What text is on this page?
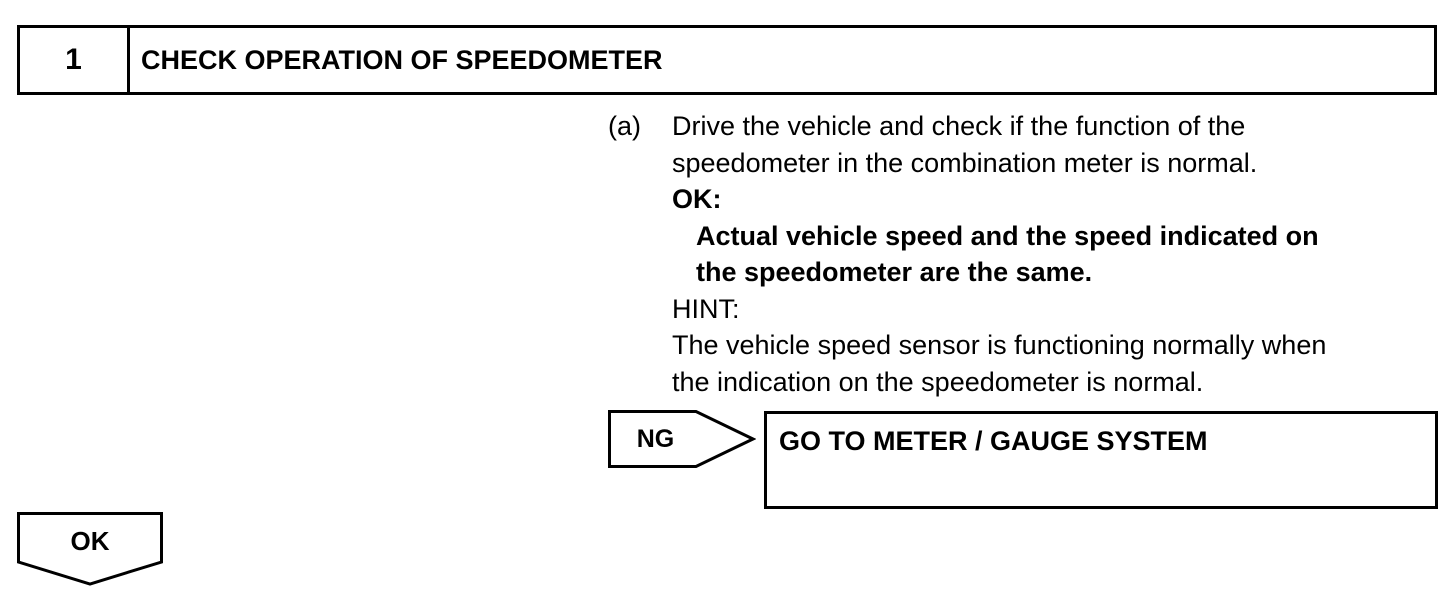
1	CHECK OPERATION OF SPEEDOMETER
(a)	Drive the vehicle and check if the function of the
speedometer in the combination meter is normal.
OK:
Actual vehicle speed and the speed indicated on
the speedometer are the same.
HINT:
The vehicle speed sensor is functioning normally when
the indication on the speedometer is normal.
NG	GO TO METER / GAUGE SYSTEM
OK
